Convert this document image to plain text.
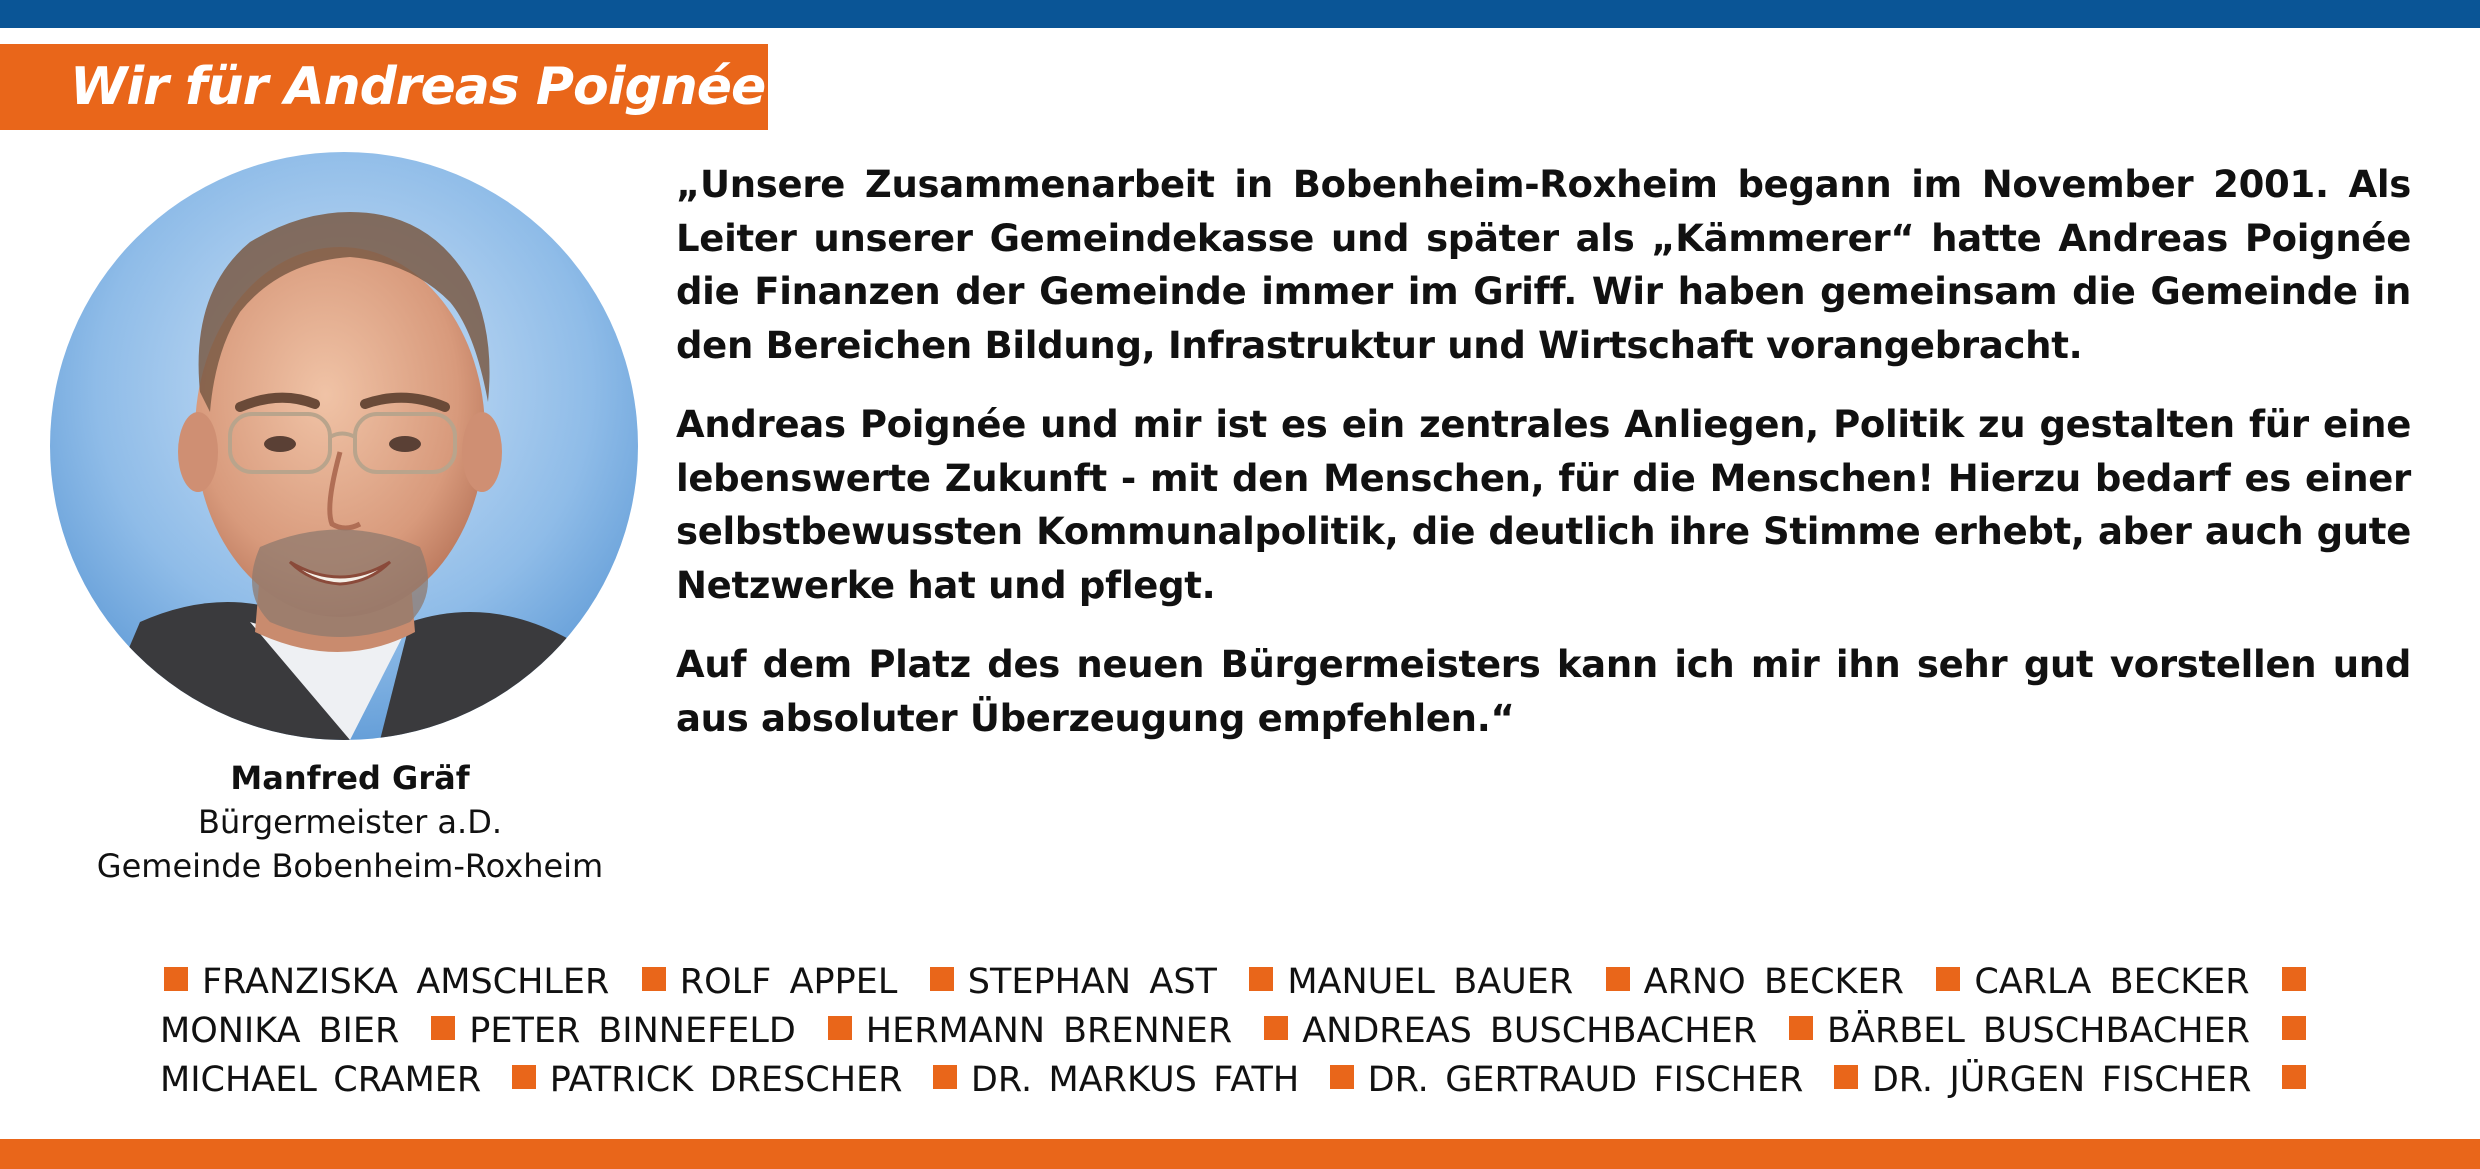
Wir für Andreas Poignée
Manfred Gräf
Bürgermeister a.D.
Gemeinde Bobenheim-Roxheim

„Unsere Zusammenarbeit in Bobenheim-Roxheim begann im November 2001. Als Leiter unserer Gemeindekasse und später als „Kämmerer“ hatte Andreas Poignée die Finanzen der Gemeinde immer im Griff. Wir haben gemeinsam die Gemeinde in den Bereichen Bildung, Infrastruktur und Wirtschaft vorangebracht.

Andreas Poignée und mir ist es ein zentrales Anliegen, Politik zu gestalten für eine lebenswerte Zukunft - mit den Menschen, für die Menschen! Hierzu bedarf es einer selbstbewussten Kommunalpolitik, die deutlich ihre Stimme erhebt, aber auch gute Netzwerke hat und pflegt.

Auf dem Platz des neuen Bürgermeisters kann ich mir ihn sehr gut vorstellen und aus absoluter Überzeugung empfehlen.“

FRANZISKA AMSCHLER ROLF APPEL STEPHAN AST MANUEL BAUER ARNO BECKER CARLA BECKER
MONIKA BIER PETER BINNEFELD HERMANN BRENNER ANDREAS BUSCHBACHER BÄRBEL BUSCHBACHER
MICHAEL CRAMER PATRICK DRESCHER DR. MARKUS FATH DR. GERTRAUD FISCHER DR. JÜRGEN FISCHER
